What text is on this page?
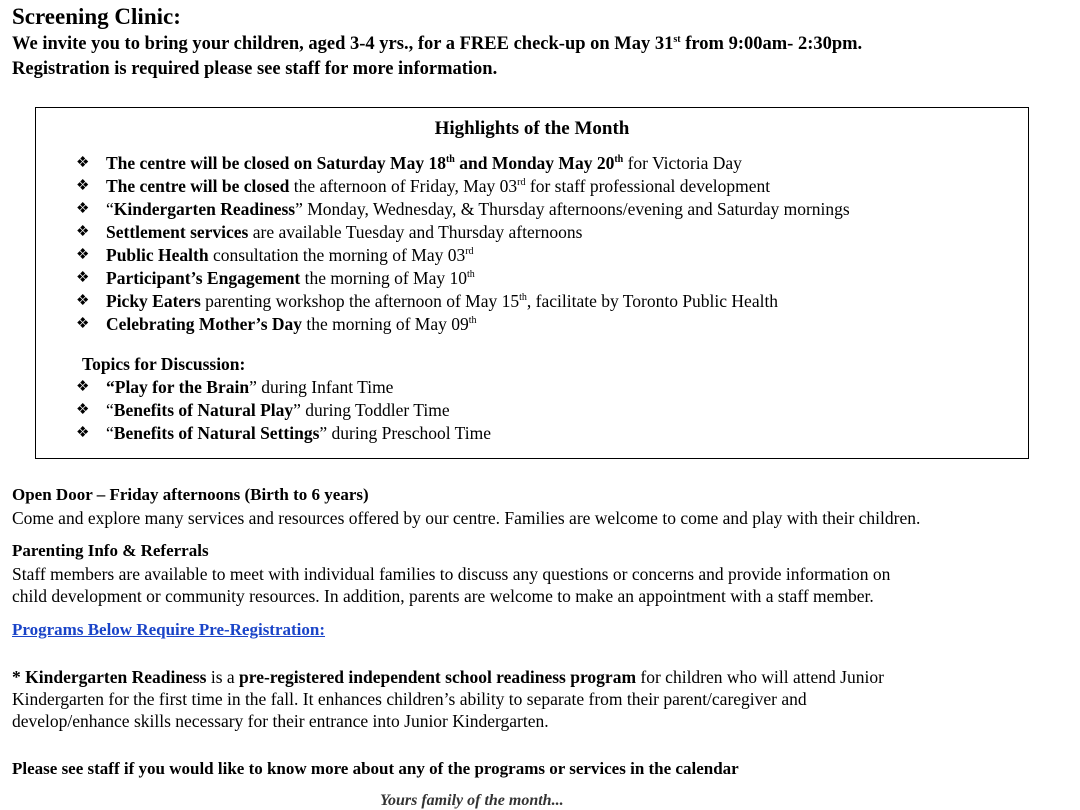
Screening Clinic:
We invite you to bring your children, aged 3-4 yrs., for a FREE check-up on May 31st from 9:00am- 2:30pm.
Registration is required please see staff for more information.
Highlights of the Month
❖ The centre will be closed on Saturday May 18th and Monday May 20th for Victoria Day
❖ The centre will be closed the afternoon of Friday, May 03rd for staff professional development
❖ “Kindergarten Readiness” Monday, Wednesday, & Thursday afternoons/evening and Saturday mornings
❖ Settlement services are available Tuesday and Thursday afternoons
❖ Public Health consultation the morning of May 03rd
❖ Participant’s Engagement the morning of May 10th
❖ Picky Eaters parenting workshop the afternoon of May 15th, facilitate by Toronto Public Health
❖ Celebrating Mother’s Day the morning of May 09th
Topics for Discussion:
❖ “Play for the Brain” during Infant Time
❖ “Benefits of Natural Play” during Toddler Time
❖ “Benefits of Natural Settings” during Preschool Time
Open Door – Friday afternoons (Birth to 6 years)
Come and explore many services and resources offered by our centre. Families are welcome to come and play with their children.
Parenting Info & Referrals
Staff members are available to meet with individual families to discuss any questions or concerns and provide information on
child development or community resources. In addition, parents are welcome to make an appointment with a staff member.
Programs Below Require Pre-Registration:
* Kindergarten Readiness is a pre-registered independent school readiness program for children who will attend Junior
Kindergarten for the first time in the fall. It enhances children’s ability to separate from their parent/caregiver and
develop/enhance skills necessary for their entrance into Junior Kindergarten.
Please see staff if you would like to know more about any of the programs or services in the calendar
Yours family of the month...
